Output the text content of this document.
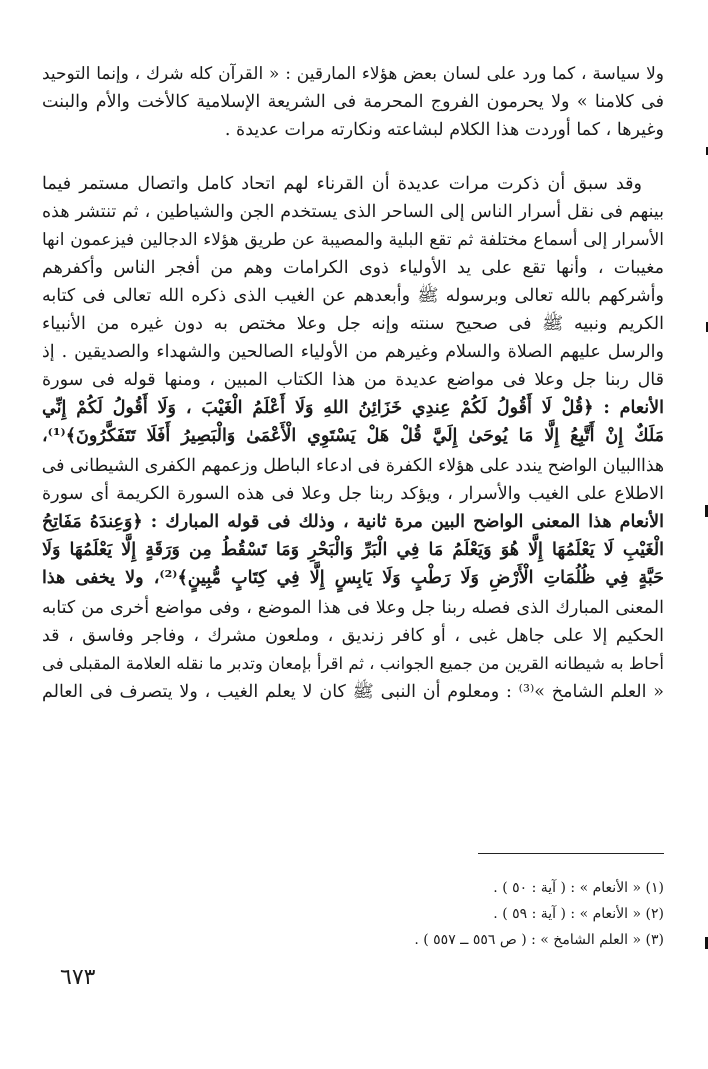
ولا سياسة ، كما ورد على لسان بعض هؤلاء المارقين : « القرآن كله شرك ، وإنما التوحيد
فى كلامنا » ولا يحرمون الفروج المحرمة فى الشريعة الإسلامية كالأخت والأم والبنت
وغيرها ، كما أوردت هذا الكلام لبشاعته ونكارته مرات عديدة .
وقد سبق أن ذكرت مرات عديدة أن القرناء لهم اتحاد كامل واتصال مستمر فيما
بينهم فى نقل أسرار الناس إلى الساحر الذى يستخدم الجن والشياطين ، ثم تنتشر هذه
الأسرار إلى أسماع مختلفة ثم تقع البلية والمصيبة عن طريق هؤلاء الدجالين فيزعمون انها
مغيبات ، وأنها تقع على يد الأولياء ذوى الكرامات وهم من أفجر الناس وأكفرهم
وأشركهم بالله تعالى وبرسوله ﷺ وأبعدهم عن الغيب الذى ذكره الله تعالى فى كتابه
الكريم ونبيه ﷺ فى صحيح سنته وإنه جل وعلا مختص به دون غيره من الأنبياء
والرسل عليهم الصلاة والسلام وغيرهم من الأولياء الصالحين والشهداء والصديقين . إذ
قال ربنا جل وعلا فى مواضع عديدة من هذا الكتاب المبين ، ومنها قوله فى سورة
الأنعام : ﴿قُلْ لَا أَقُولُ لَكُمْ عِندِي خَزَائِنُ اللهِ وَلَا أَعْلَمُ الْغَيْبَ ، وَلَا أَقُولُ لَكُمْ إِنِّي
مَلَكٌ إِنْ أَتَّبِعُ إِلَّا مَا يُوحَىٰ إِلَيَّ قُلْ هَلْ يَسْتَوِي الْأَعْمَىٰ وَالْبَصِيرُ أَفَلَا تَتَفَكَّرُونَ﴾⁽¹⁾،
هذاالبيان الواضح يندد على هؤلاء الكفرة فى ادعاء الباطل وزعمهم الكفرى الشيطانى فى
الاطلاع على الغيب والأسرار ، ويؤكد ربنا جل وعلا فى هذه السورة الكريمة أى سورة
الأنعام هذا المعنى الواضح البين مرة ثانية ، وذلك فى قوله المبارك : ﴿وَعِندَهُ مَفَاتِحُ
الْغَيْبِ لَا يَعْلَمُهَا إِلَّا هُوَ وَيَعْلَمُ مَا فِي الْبَرِّ وَالْبَحْرِ وَمَا تَسْقُطُ مِن وَرَقَةٍ إِلَّا يَعْلَمُهَا وَلَا
حَبَّةٍ فِي ظُلُمَاتِ الْأَرْضِ وَلَا رَطْبٍ وَلَا يَابِسٍ إِلَّا فِي كِتَابٍ مُّبِينٍ﴾⁽²⁾، ولا يخفى هذا
المعنى المبارك الذى فصله ربنا جل وعلا فى هذا الموضع ، وفى مواضع أخرى من كتابه
الحكيم إلا على جاهل غبى ، أو كافر زنديق ، وملعون مشرك ، وفاجر وفاسق ، قد
أحاط به شيطانه القرين من جميع الجوانب ، ثم اقرأ بإمعان وتدبر ما نقله العلامة المقبلى فى
« العلم الشامخ »⁽³⁾ : ومعلوم أن النبى ﷺ كان لا يعلم الغيب ، ولا يتصرف فى العالم
(١) « الأنعام » : ( آية : ٥٠ ) .
(٢) « الأنعام » : ( آية : ٥٩ ) .
(٣) « العلم الشامخ » : ( ص ٥٥٦ ــ ٥٥٧ ) .
٦٧٣
